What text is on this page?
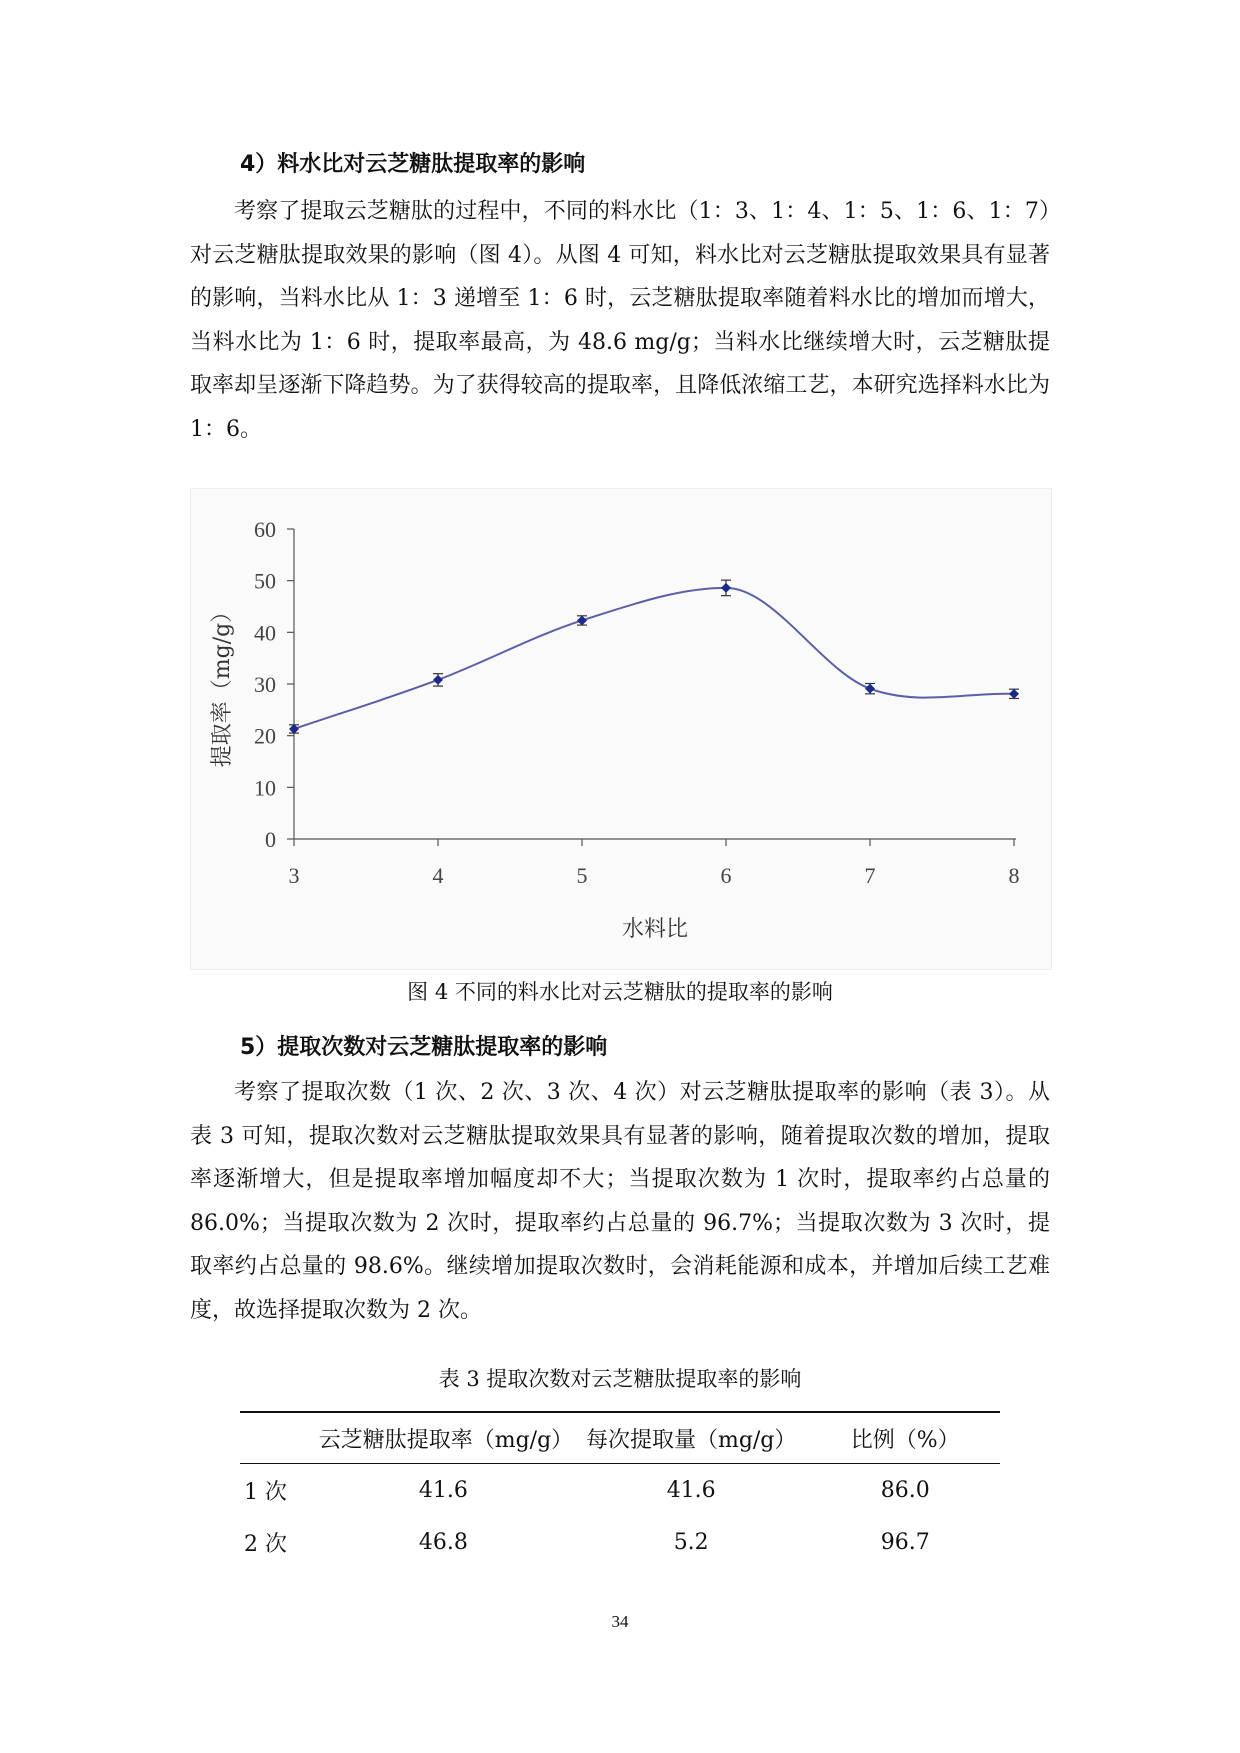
4）料水比对云芝糖肽提取率的影响

考察了提取云芝糖肽的过程中，不同的料水比（1：3、1：4、1：5、1：6、1：7）对云芝糖肽提取效果的影响（图 4）。从图 4 可知，料水比对云芝糖肽提取效果具有显著的影响，当料水比从 1：3 递增至 1：6 时，云芝糖肽提取率随着料水比的增加而增大，当料水比为 1：6 时，提取率最高，为 48.6 mg/g；当料水比继续增大时，云芝糖肽提取率却呈逐渐下降趋势。为了获得较高的提取率，且降低浓缩工艺，本研究选择料水比为 1：6。

提取率（mg/g）
水料比
0
10
20
30
40
50
60
3	4	5	6	7	8
图 4 不同的料水比对云芝糖肽的提取率的影响
5）提取次数对云芝糖肽提取率的影响

考察了提取次数（1 次、2 次、3 次、4 次）对云芝糖肽提取率的影响（表 3）。从表 3 可知，提取次数对云芝糖肽提取效果具有显著的影响，随着提取次数的增加，提取率逐渐增大，但是提取率增加幅度却不大；当提取次数为 1 次时，提取率约占总量的 86.0%；当提取次数为 2 次时，提取率约占总量的 96.7%；当提取次数为 3 次时，提取率约占总量的 98.6%。继续增加提取次数时，会消耗能源和成本，并增加后续工艺难度，故选择提取次数为 2 次。

表 3 提取次数对云芝糖肽提取率的影响
	云芝糖肽提取率（mg/g）	每次提取量（mg/g）	比例（%）
1 次	41.6	41.6	86.0
2 次	46.8	5.2	96.7
34
